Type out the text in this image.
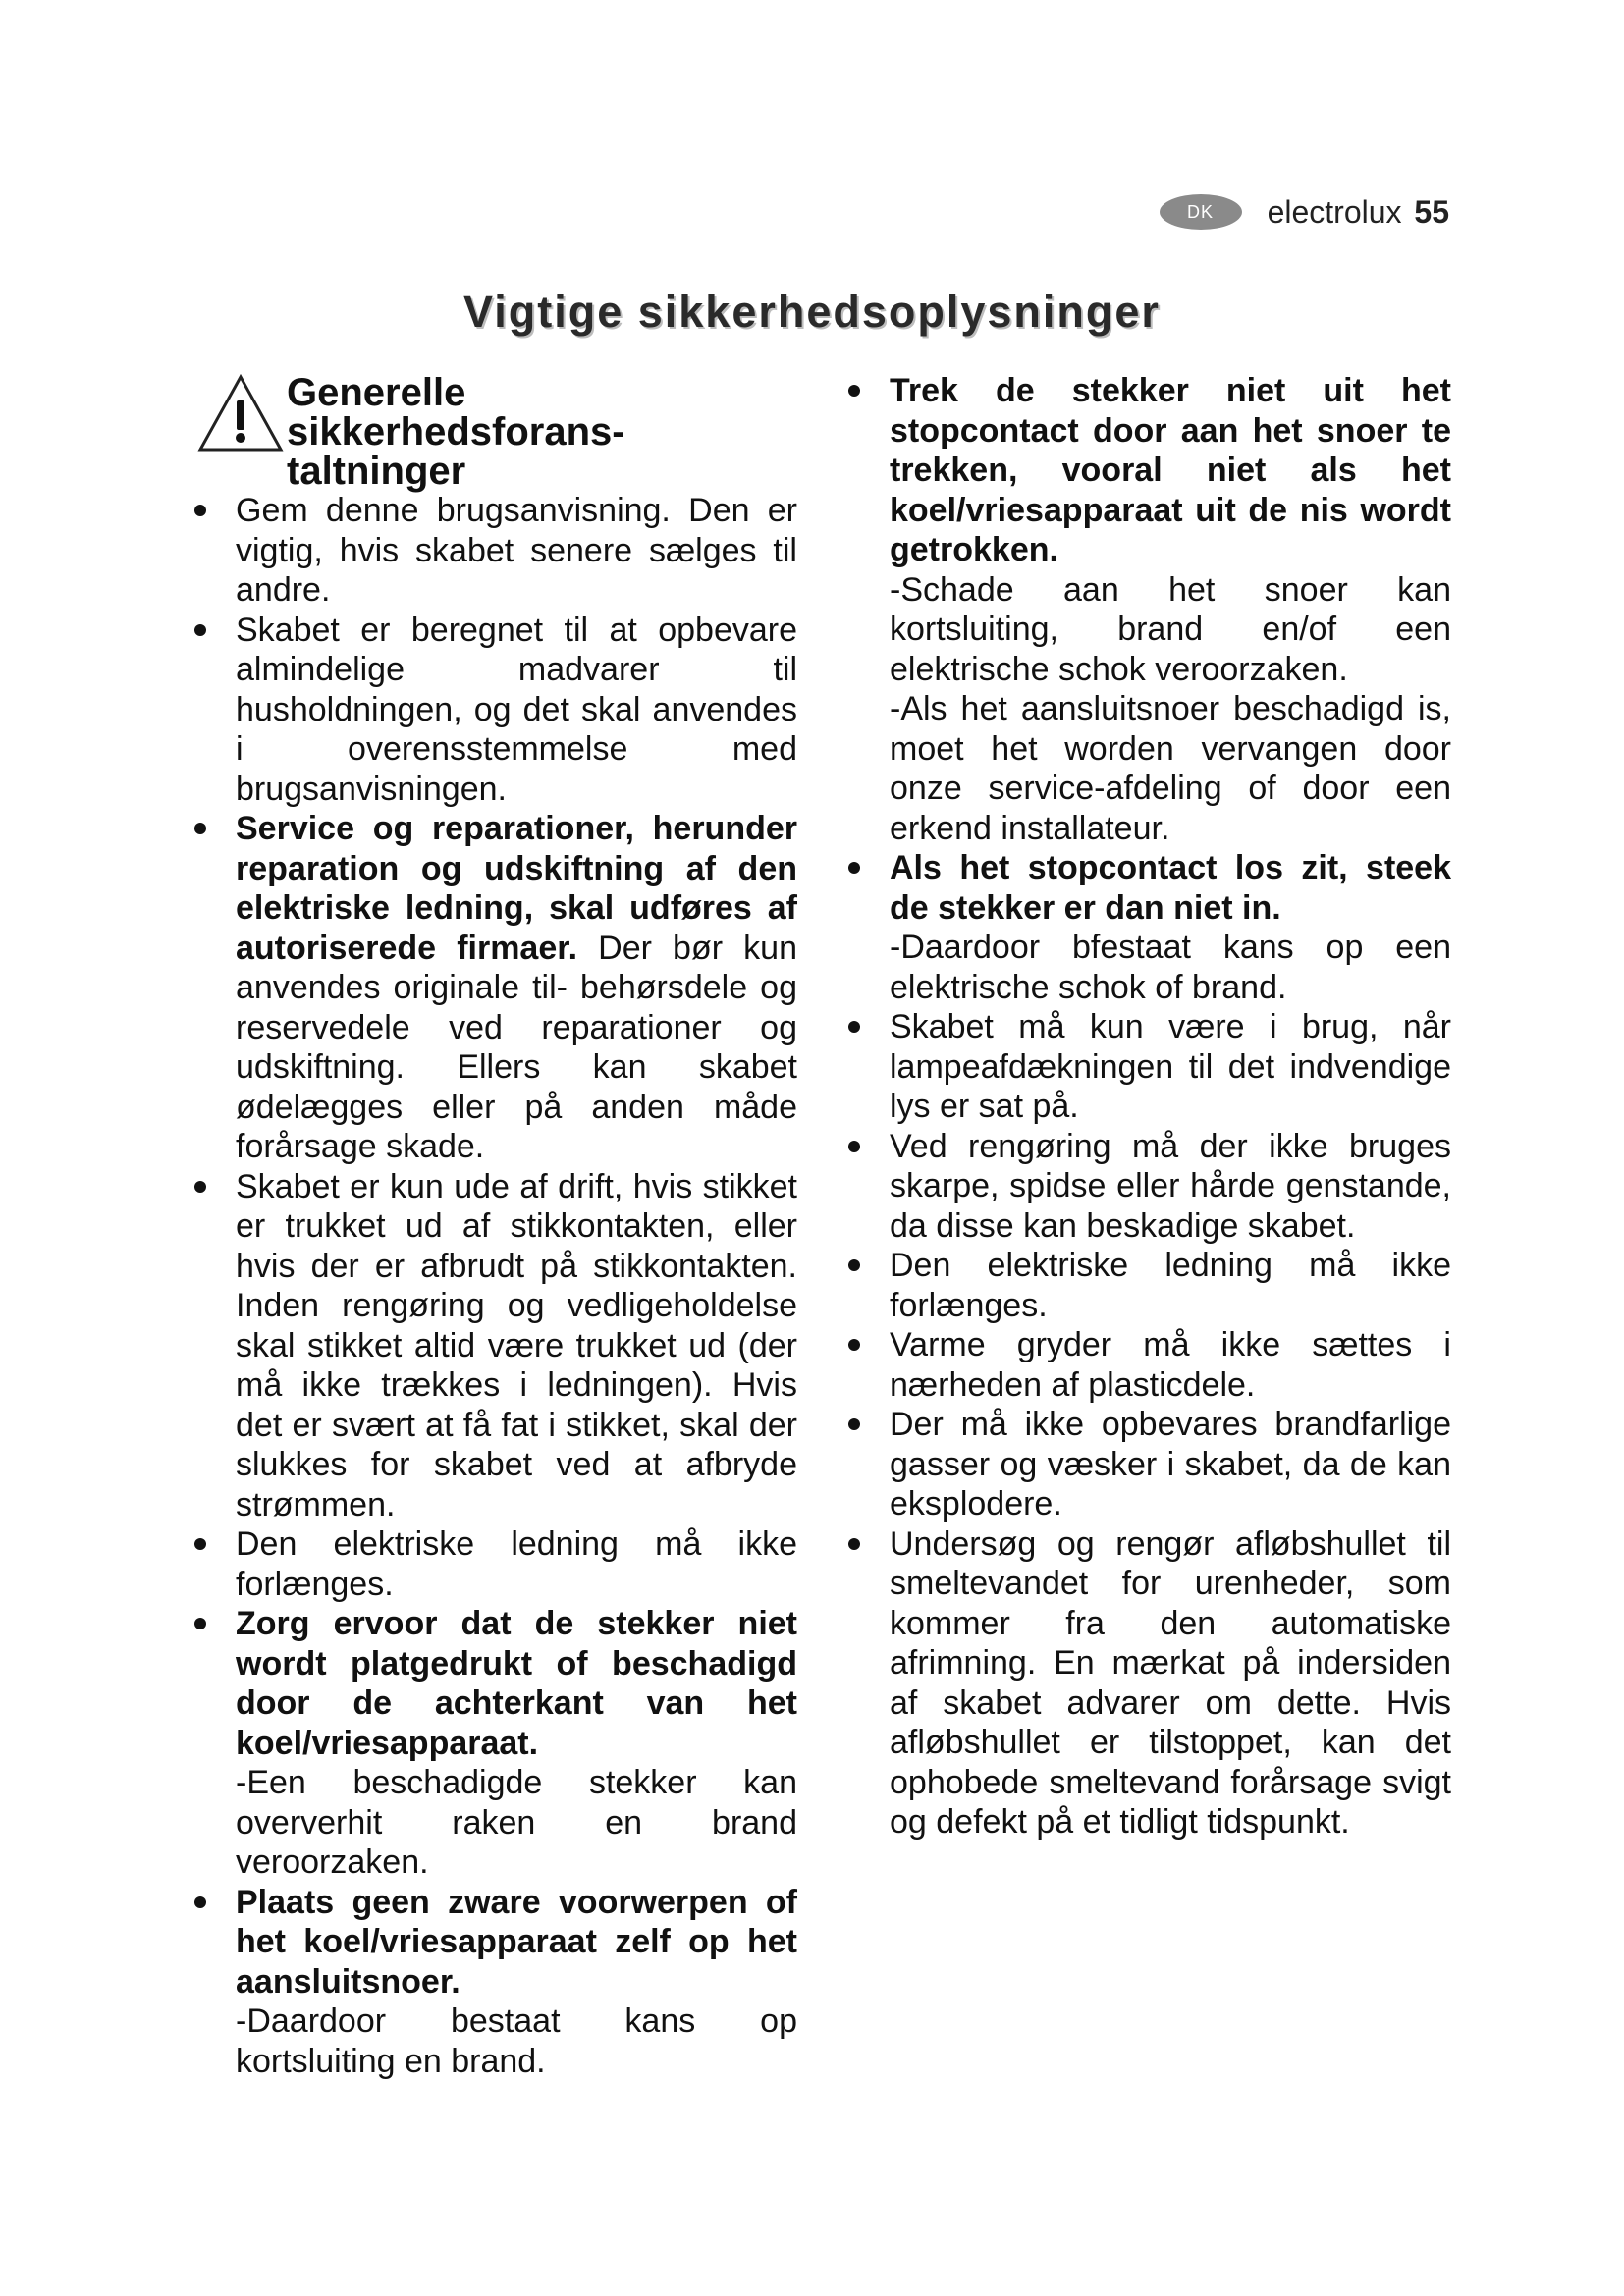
DK	electrolux 55
Vigtige sikkerhedsoplysninger
Generelle
sikkerhedsforans-
taltninger
Gem denne brugsanvisning. Den er vigtig, hvis skabet senere sælges til andre.
Skabet er beregnet til at opbevare almindelige madvarer til husholdningen, og det skal anvendes i overensstemmelse med brugsanvisningen.
Service og reparationer, herunder reparation og udskiftning af den elektriske ledning, skal udføres af autoriserede firmaer. Der bør kun anvendes originale til- behørsdele og reservedele ved reparationer og udskiftning. Ellers kan skabet ødelægges eller på anden måde forårsage skade.
Skabet er kun ude af drift, hvis stikket er trukket ud af stikkontakten, eller hvis der er afbrudt på stikkontakten. Inden rengøring og vedligeholdelse skal stikket altid være trukket ud (der må ikke trækkes i ledningen). Hvis det er svært at få fat i stikket, skal der slukkes for skabet ved at afbryde strømmen.
Den elektriske ledning må ikke forlænges.
Zorg ervoor dat de stekker niet wordt platgedrukt of beschadigd door de achterkant van het koel/vriesapparaat.
-Een beschadigde stekker kan oververhit raken en brand veroorzaken.
Plaats geen zware voorwerpen of het koel/vriesapparaat zelf op het aansluitsnoer.
-Daardoor bestaat kans op kortsluiting en brand.
Trek de stekker niet uit het stopcontact door aan het snoer te trekken, vooral niet als het koel/vriesapparaat uit de nis wordt getrokken.
-Schade aan het snoer kan kortsluiting, brand en/of een elektrische schok veroorzaken.
-Als het aansluitsnoer beschadigd is, moet het worden vervangen door onze service-afdeling of door een erkend installateur.
Als het stopcontact los zit, steek de stekker er dan niet in.
-Daardoor bfestaat kans op een elektrische schok of brand.
Skabet må kun være i brug, når lampeafdækningen til det indvendige lys er sat på.
Ved rengøring må der ikke bruges skarpe, spidse eller hårde genstande, da disse kan beskadige skabet.
Den elektriske ledning må ikke forlænges.
Varme gryder må ikke sættes i nærheden af plasticdele.
Der må ikke opbevares brandfarlige gasser og væsker i skabet, da de kan eksplodere.
Undersøg og rengør afløbshullet til smeltevandet for urenheder, som kommer fra den automatiske afrimning. En mærkat på indersiden af skabet advarer om dette. Hvis afløbshullet er tilstoppet, kan det ophobede smeltevand forårsage svigt og defekt på et tidligt tidspunkt.
